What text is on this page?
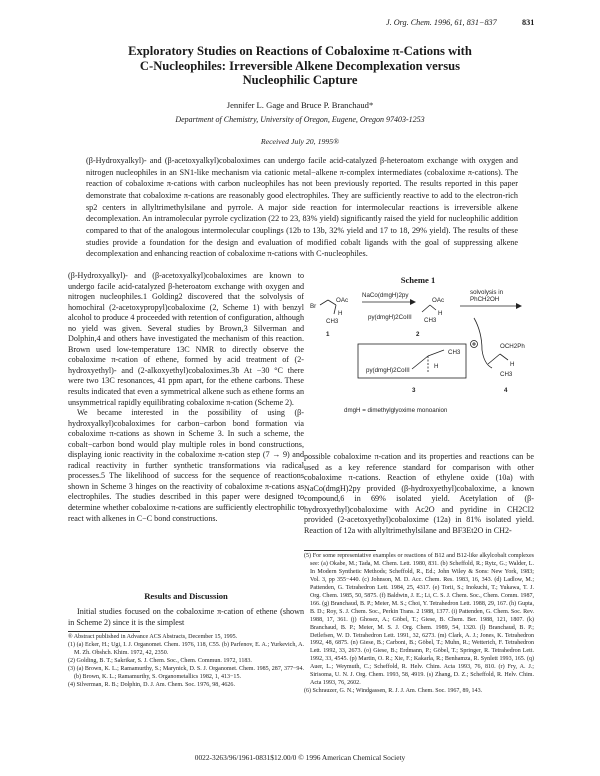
J. Org. Chem. 1996, 61, 831−837	831
Exploratory Studies on Reactions of Cobaloxime π-Cations with
C-Nucleophiles: Irreversible Alkene Decomplexation versus
Nucleophilic Capture
Jennifer L. Gage and Bruce P. Branchaud*
Department of Chemistry, University of Oregon, Eugene, Oregon 97403-1253
Received July 20, 1995®
(β-Hydroxyalkyl)- and (β-acetoxyalkyl)cobaloximes can undergo facile acid-catalyzed β-heteroatom exchange with oxygen and nitrogen nucleophiles in an SN1-like mechanism via cationic metal−alkene π-complex intermediates (cobaloxime π-cations). The reaction of cobaloxime π-cations with carbon nucleophiles has not been previously reported. The results reported in this paper demonstrate that cobaloxime π-cations are reasonably good electrophiles. They are sufficiently reactive to add to the electron-rich sp2 centers in allyltrimethylsilane and pyrrole. A major side reaction for intermolecular reactions is irreversible alkene decomplexation. An intramolecular pyrrole cyclization (22 to 23, 83% yield) significantly raised the yield for nucleophilic addition compared to that of the analogous intermolecular couplings (12b to 13b, 32% yield and 17 to 18, 29% yield). The results of these studies provide a foundation for the design and evaluation of modified cobalt ligands with the goal of suppressing alkene decomplexation and enhancing reaction of cobaloxime π-cations with C-nucleophiles.

(β-Hydroxyalkyl)- and (β-acetoxyalkyl)cobaloximes are known to undergo facile acid-catalyzed β-heteroatom exchange with oxygen and nitrogen nucleophiles.1 Golding2 discovered that the solvolysis of homochiral (2-acetoxypropyl)cobaloxime (2, Scheme 1) with benzyl alcohol to produce 4 proceeded with retention of configuration, although no yield was given. Several studies by Brown,3 Silverman and Dolphin,4 and others have investigated the mechanism of this reaction. Brown used low-temperature 13C NMR to directly observe the cobaloxime π-cation of ethene, formed by acid treatment of (2-hydroxyethyl)- and (2-alkoxyethyl)cobaloximes.3b At −30 °C there were two 13C resonances, 41 ppm apart, for the ethene carbons. These results indicated that even a symmetrical alkene such as ethene forms an unsymmetrical rapidly equilibrating cobaloxime π-cation (Scheme 2).

We became interested in the possibility of using (β-hydroxyalkyl)cobaloximes for carbon−carbon bond formation via cobaloxime π-cations as shown in Scheme 3. In such a scheme, the cobalt−carbon bond would play multiple roles in bond constructions, displaying ionic reactivity in the cobaloxime π-cation step (7 → 9) and radical reactivity in further synthetic transformations via radical processes.5 The likelihood of success for the sequence of reactions shown in Scheme 3 hinges on the reactivity of cobaloxime π-cations as electrophiles. The studies described in this paper were designed to determine whether cobaloxime π-cations are sufficiently electrophilic to react with alkenes in C−C bond constructions.

Results and Discussion

Initial studies focused on the cobaloxime π-cation of ethene (shown in Scheme 2) since it is the simplest

® Abstract published in Advance ACS Abstracts, December 15, 1995.
(1) (a) Ecker, H.; Ugi, I. J. Organomet. Chem. 1976, 118, C55. (b) Parfenov, E. A.; Yurkevich, A. M. Zh. Obshch. Khim. 1972, 42, 2350.
(2) Golding, B. T.; Sakrikar, S. J. Chem. Soc., Chem. Commun. 1972, 1183.
(3) (a) Brown, K. L.; Ramamurthy, S.; Marynick, D. S. J. Organomet. Chem. 1985, 287, 377−94. (b) Brown, K. L.; Ramamurthy, S. Organometallics 1982, 1, 413−15.
(4) Silverman, R. B.; Dolphin, D. J. Am. Chem. Soc. 1976, 98, 4626.
Scheme 1
Br
OAc
H
CH3
1
NaCo(dmgH)2py
OAc
H
CH3
py(dmgH)2CoIII
2
solvolysis in
PhCH2OH
py(dmgH)2CoIII
CH3
H
3
OCH2Ph
H
CH3
4
dmgH = dimethylglyoxime monoanion

possible cobaloxime π-cation and its properties and reactions can be used as a key reference standard for comparison with other cobaloxime π-cations. Reaction of ethylene oxide (10a) with NaCo(dmgH)2py provided (β-hydroxyethyl)cobaloxime, a known compound,6 in 69% isolated yield. Acetylation of (β-hydroxyethyl)cobaloxime with Ac2O and pyridine in CH2Cl2 provided (2-acetoxyethyl)cobaloxime (12a) in 81% isolated yield. Reaction of 12a with allyltrimethylsilane and BF3Et2O in CH2-

(5) For some representative examples or reactions of B12 and B12-like alkylcobalt complexes see: (a) Okabe, M.; Tada, M. Chem. Lett. 1980, 831. (b) Scheffold, R.; Rytz, G.; Walder, L. In Modern Synthetic Methods; Scheffold, R., Ed.; John Wiley & Sons: New York, 1983; Vol. 3, pp 355−440. (c) Johnson, M. D. Acc. Chem. Res. 1983, 16, 343. (d) Ladlow, M.; Pattenden, G. Tetrahedron Lett. 1984, 25, 4317. (e) Torii, S.; Inokuchi, T.; Yukawa, T. J. Org. Chem. 1985, 50, 5875. (f) Baldwin, J. E.; Li, C. S. J. Chem. Soc., Chem. Comm. 1987, 166. (g) Branchaud, B. P.; Meier, M. S.; Choi, Y. Tetrahedron Lett. 1988, 29, 167. (h) Gupta, B. D.; Roy, S. J. Chem. Soc., Perkin Trans. 2 1988, 1377. (i) Pattenden, G. Chem. Soc. Rev. 1988, 17, 361. (j) Ghosez, A.; Göbel, T.; Giese, B. Chem. Ber. 1988, 121, 1807. (k) Branchaud, B. P.; Meier, M. S. J. Org. Chem. 1989, 54, 1320. (l) Branchaud, B. P.; Detlefsen, W. D. Tetrahedron Lett. 1991, 32, 6273. (m) Clark, A. J.; Jones, K. Tetrahedron 1992, 48, 6875. (n) Giese, B.; Carboni, B.; Göbel, T.; Muhn, R.; Wetterich, F. Tetrahedron Lett. 1992, 33, 2673. (o) Giese, B.; Erdmann, P.; Göbel, T.; Springer, R. Tetrahedron Lett. 1992, 33, 4545. (p) Martin, O. R.; Xie, F.; Kakarla, R.; Benhamza, R. Synlett 1993, 165. (q) Auer, L.; Weymuth, C.; Scheffold, R. Helv. Chim. Acta 1993, 76, 810. (r) Fry, A. J.; Sirisoma, U. N. J. Org. Chem. 1993, 58, 4919. (s) Zhang, D. Z.; Scheffold, R. Helv. Chim. Acta 1993, 76, 2602.
(6) Schrauzer, G. N.; Windgassen, R. J. J. Am. Chem. Soc. 1967, 89, 143.
0022-3263/96/1961-0831$12.00/0 © 1996 American Chemical Society
